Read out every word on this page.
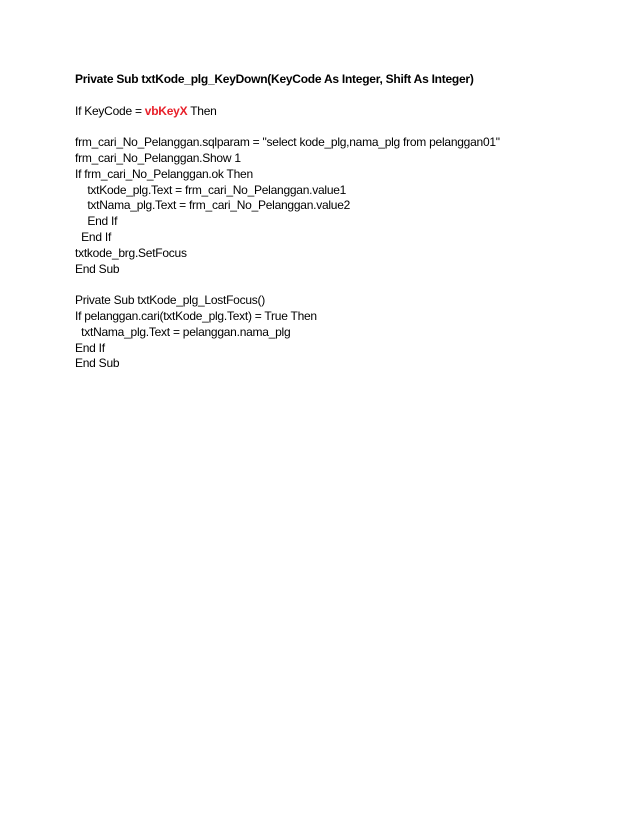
Private Sub txtKode_plg_KeyDown(KeyCode As Integer, Shift As Integer)
If KeyCode = vbKeyX Then
frm_cari_No_Pelanggan.sqlparam = "select kode_plg,nama_plg from pelanggan01"
frm_cari_No_Pelanggan.Show 1
If frm_cari_No_Pelanggan.ok Then
txtKode_plg.Text = frm_cari_No_Pelanggan.value1
txtNama_plg.Text = frm_cari_No_Pelanggan.value2
End If
End If
txtkode_brg.SetFocus
End Sub
Private Sub txtKode_plg_LostFocus()
If pelanggan.cari(txtKode_plg.Text) = True Then
txtNama_plg.Text = pelanggan.nama_plg
End If
End Sub
